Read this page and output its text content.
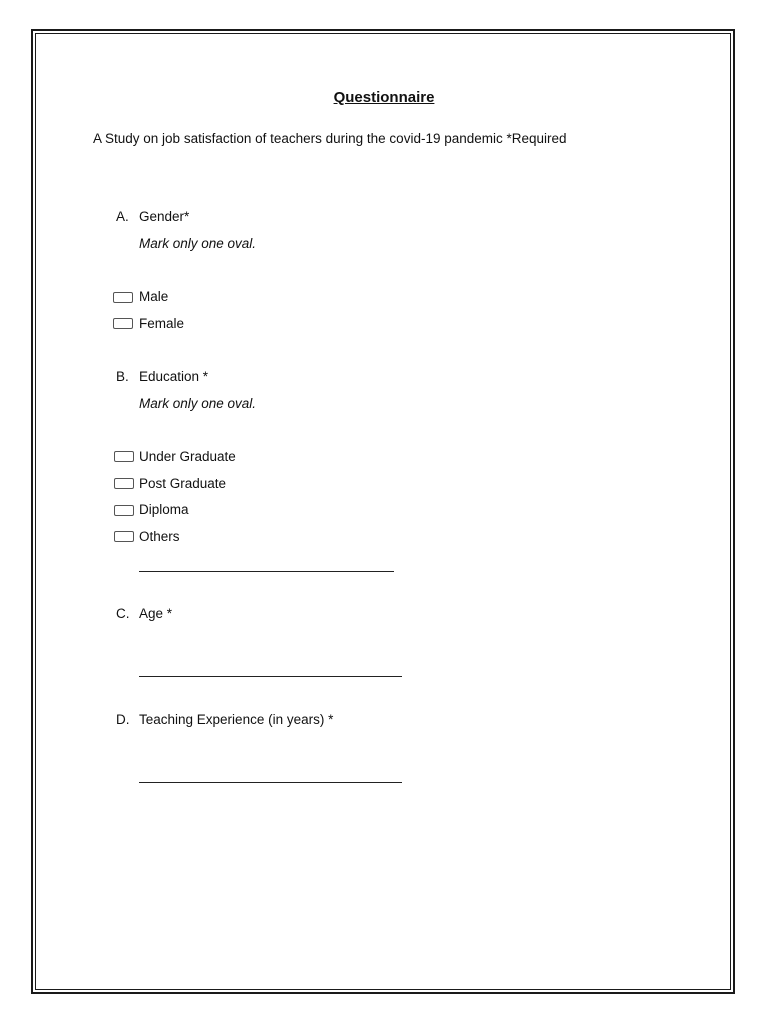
Questionnaire
A Study on job satisfaction of teachers during the covid-19 pandemic *Required
A. Gender*
Mark only one oval.
Male
Female
B. Education *
Mark only one oval.
Under Graduate
Post Graduate
Diploma
Others
C. Age *
D. Teaching Experience (in years) *
